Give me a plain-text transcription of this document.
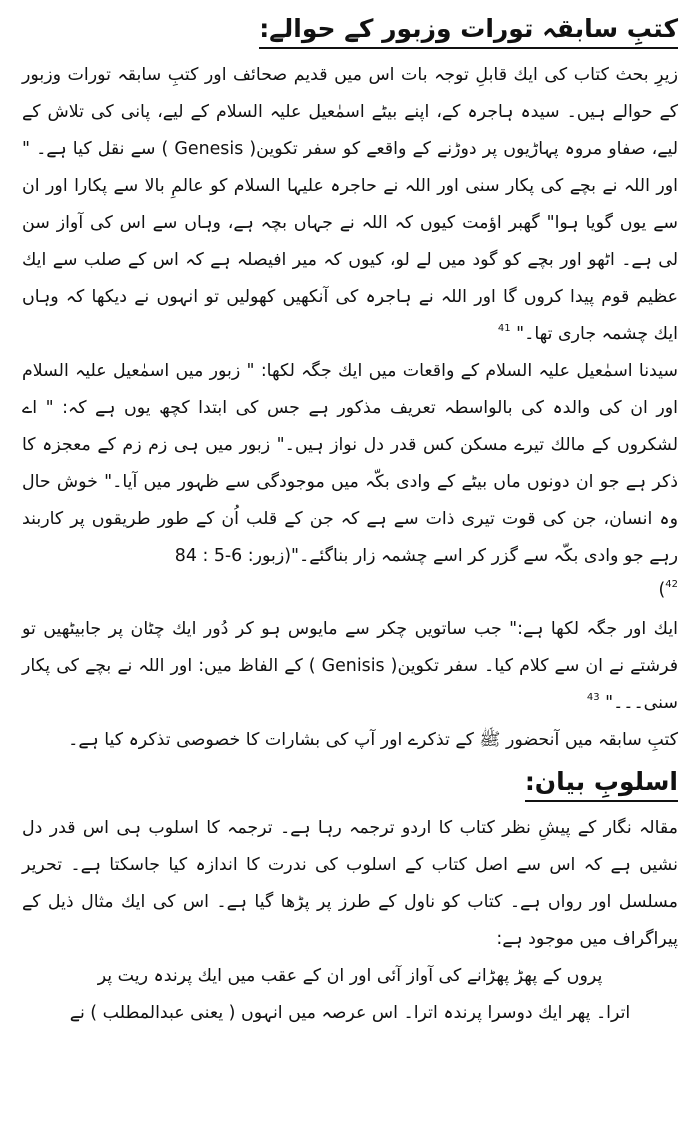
كتبِ سابقہ تورات وزبور كے حوالے:

زیرِ بحث كتاب كی ایك قابلِ توجہ بات اس میں قدیم صحائف اور كتبِ سابقہ تورات وزبور كے حوالے ہیں۔ سیدہ ہاجرہ كے، اپنے بیٹے اسمٰعیل علیہ السلام كے لیے، پانی كی تلاش كے لیے، صفاو مروہ پہاڑیوں پر دوڑنے كے واقعے كو سفر تكوین( Genesis ) سے نقل كیا ہے۔ " اور اللہ نے بچے كی پكار سنی اور اللہ نے حاجرہ علیہا السلام كو عالمِ بالا سے پكارا اور ان سے یوں گویا ہوا" گھبر اؤمت كیوں كہ اللہ نے جہاں بچہ ہے، وہاں سے اس كی آواز سن لی ہے۔ اٹھو اور بچے كو گود میں لے لو، كیوں كہ میر افیصلہ ہے كہ اس كے صلب سے ایك عظیم قوم پیدا كروں گا اور اللہ نے ہاجرہ كی آنكھیں كھولیں تو انہوں نے دیكھا كہ وہاں ایك چشمہ جاری تھا۔" $^{41}$

سیدنا اسمٰعیل علیہ السلام كے واقعات میں ایك جگہ لكھا: " زبور میں اسمٰعیل علیہ السلام اور ان كی والدہ كی بالواسطہ تعریف مذكور ہے جس كی ابتدا كچھ یوں ہے كہ: " اے لشكروں كے مالك تیرے مسكن كس قدر دل نواز ہیں۔" زبور میں ہی زم زم كے معجزہ كا ذكر ہے جو ان دونوں ماں بیٹے كے وادی بكّہ میں موجودگی سے ظہور میں آیا۔" خوش حال وہ انسان، جن كی قوت تیری ذات سے ہے كہ جن كے قلب اُن كے طور طریقوں پر كاربند رہے جو وادی بكّہ سے گزر كر اسے چشمہ زار بناگئے۔"(زبور: 84 : 5-6

$^{42}$)

ایك اور جگہ لكھا ہے:" جب ساتویں چكر سے مایوس ہو كر دُور ایك چٹان پر جابیٹھیں تو فرشتے نے ان سے كلام كیا۔ سفر تكوین( Genisis ) كے الفاظ میں: اور اللہ نے بچے كی پكار سنی۔۔۔" $^{43}$

كتبِ سابقہ میں آنحضور ﷺ كے تذكرے اور آپ كی بشارات كا خصوصی تذكرہ كیا ہے۔

اسلوبِ بیان:

مقالہ نگار كے پیشِ نظر كتاب كا اردو ترجمہ رہا ہے۔ ترجمہ كا اسلوب ہی اس قدر دل نشیں ہے كہ اس سے اصل كتاب كے اسلوب كی ندرت كا اندازہ كیا جاسكتا ہے۔ تحریر مسلسل اور رواں ہے۔ كتاب كو ناول كے طرز پر پڑھا گیا ہے۔ اس كی ایك مثال ذیل كے پیراگراف میں موجود ہے:

پروں كے پھڑ پھڑانے كی آواز آئی اور ان كے عقب میں ایك پرندہ ریت پر

اترا۔ پھر ایك دوسرا پرندہ اترا۔ اس عرصہ میں انہوں ( یعنی عبدالمطلب ) نے
